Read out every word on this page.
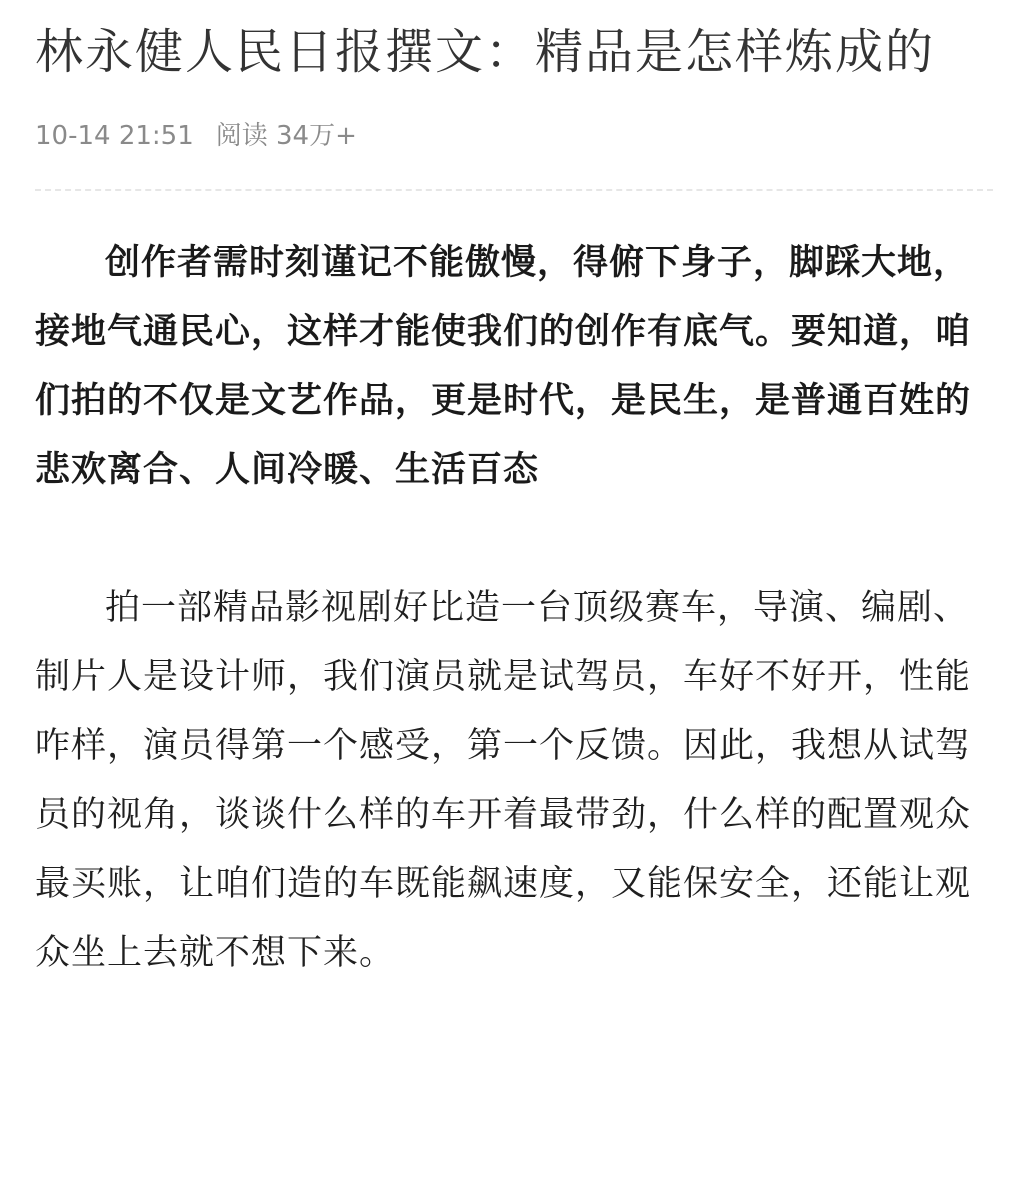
林永健人民日报撰文：精品是怎样炼成的
10-14 21:51 阅读 34万+

创作者需时刻谨记不能傲慢，得俯下身子，脚踩大地，接地气通民心，这样才能使我们的创作有底气。要知道，咱们拍的不仅是文艺作品，更是时代，是民生，是普通百姓的悲欢离合、人间冷暖、生活百态

拍一部精品影视剧好比造一台顶级赛车，导演、编剧、制片人是设计师，我们演员就是试驾员，车好不好开，性能咋样，演员得第一个感受，第一个反馈。因此，我想从试驾员的视角，谈谈什么样的车开着最带劲，什么样的配置观众最买账，让咱们造的车既能飙速度，又能保安全，还能让观众坐上去就不想下来。
